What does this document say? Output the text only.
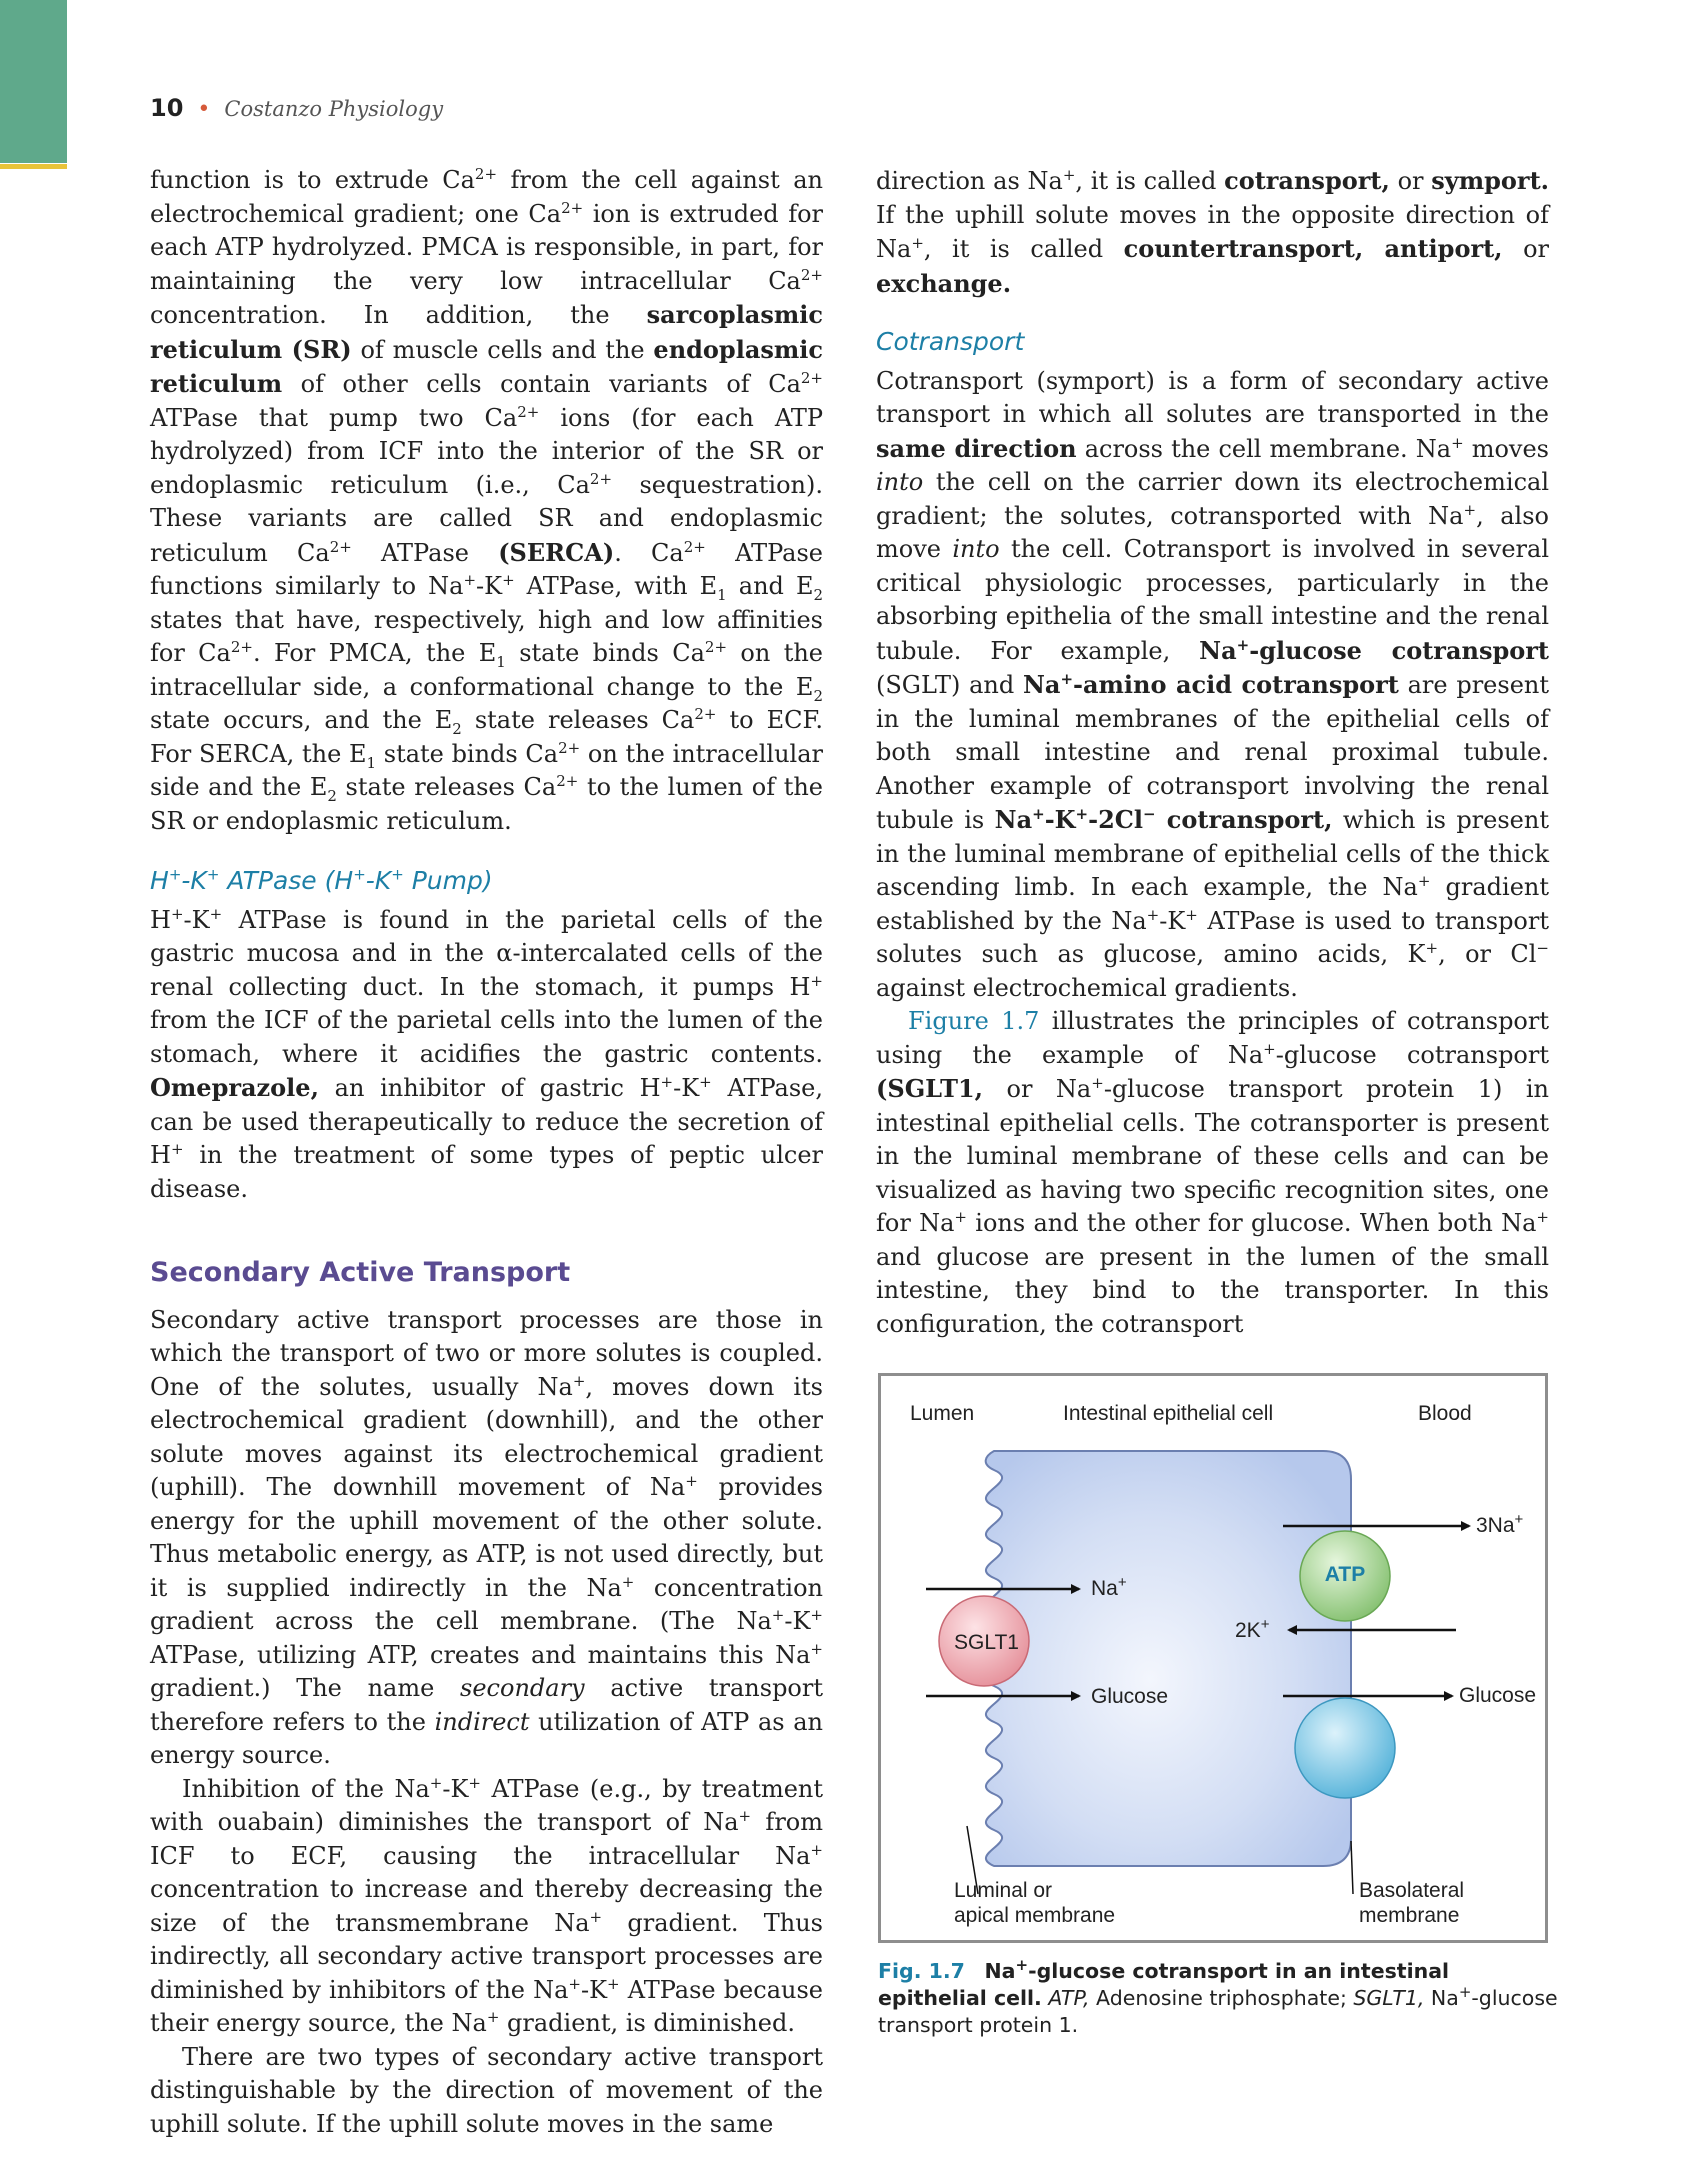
10 • Costanzo Physiology

function is to extrude $Ca^{2+}$ from the cell against an electrochemical gradient; one $Ca^{2+}$ ion is extruded for each ATP hydrolyzed. PMCA is responsible, in part, for maintaining the very low intracellular $Ca^{2+}$ concentration. In addition, the sarcoplasmic reticulum (SR) of muscle cells and the endoplasmic reticulum of other cells contain variants of $Ca^{2+}$ ATPase that pump two $Ca^{2+}$ ions (for each ATP hydrolyzed) from ICF into the interior of the SR or endoplasmic reticulum (i.e., $Ca^{2+}$ sequestration). These variants are called SR and endoplasmic reticulum $Ca^{2+}$ ATPase (SERCA). $Ca^{2+}$ ATPase functions similarly to Na+-K+ ATPase, with $E_1$ and $E_2$ states that have, respectively, high and low affinities for $Ca^{2+}$. For PMCA, the $E_1$ state binds $Ca^{2+}$ on the intracellular side, a conformational change to the $E_2$ state occurs, and the $E_2$ state releases $Ca^{2+}$ to ECF. For SERCA, the $E_1$ state binds $Ca^{2+}$ on the intracellular side and the $E_2$ state releases $Ca^{2+}$ to the lumen of the SR or endoplasmic reticulum.

H+-K+ ATPase (H+-K+ Pump)

H+-K+ ATPase is found in the parietal cells of the gastric mucosa and in the α-intercalated cells of the renal collecting duct. In the stomach, it pumps H+ from the ICF of the parietal cells into the lumen of the stomach, where it acidifies the gastric contents. Omeprazole, an inhibitor of gastric H+-K+ ATPase, can be used therapeutically to reduce the secretion of H+ in the treatment of some types of peptic ulcer disease.

Secondary Active Transport

Secondary active transport processes are those in which the transport of two or more solutes is coupled. One of the solutes, usually Na+, moves down its electrochemical gradient (downhill), and the other solute moves against its electrochemical gradient (uphill). The downhill movement of Na+ provides energy for the uphill movement of the other solute. Thus metabolic energy, as ATP, is not used directly, but it is supplied indirectly in the Na+ concentration gradient across the cell membrane. (The Na+-K+ ATPase, utilizing ATP, creates and maintains this Na+ gradient.) The name secondary active transport therefore refers to the indirect utilization of ATP as an energy source.

Inhibition of the Na+-K+ ATPase (e.g., by treatment with ouabain) diminishes the transport of Na+ from ICF to ECF, causing the intracellular Na+ concentration to increase and thereby decreasing the size of the transmembrane Na+ gradient. Thus indirectly, all secondary active transport processes are diminished by inhibitors of the Na+-K+ ATPase because their energy source, the Na+ gradient, is diminished.

There are two types of secondary active transport distinguishable by the direction of movement of the uphill solute. If the uphill solute moves in the same

direction as Na+, it is called cotransport, or symport. If the uphill solute moves in the opposite direction of Na+, it is called countertransport, antiport, or exchange.

Cotransport

Cotransport (symport) is a form of secondary active transport in which all solutes are transported in the same direction across the cell membrane. Na+ moves into the cell on the carrier down its electrochemical gradient; the solutes, cotransported with Na+, also move into the cell. Cotransport is involved in several critical physiologic processes, particularly in the absorbing epithelia of the small intestine and the renal tubule. For example, Na+-glucose cotransport (SGLT) and Na+-amino acid cotransport are present in the luminal membranes of the epithelial cells of both small intestine and renal proximal tubule. Another example of cotransport involving the renal tubule is Na+-K+-2Cl− cotransport, which is present in the luminal membrane of epithelial cells of the thick ascending limb. In each example, the Na+ gradient established by the Na+-K+ ATPase is used to transport solutes such as glucose, amino acids, K+, or Cl− against electrochemical gradients.

Figure 1.7 illustrates the principles of cotransport using the example of Na+-glucose cotransport (SGLT1, or Na+-glucose transport protein 1) in intestinal epithelial cells. The cotransporter is present in the luminal membrane of these cells and can be visualized as having two specific recognition sites, one for Na+ ions and the other for glucose. When both Na+ and glucose are present in the lumen of the small intestine, they bind to the transporter. In this configuration, the cotransport

Lumen	Intestinal epithelial cell	Blood
SGLT1
ATP
Na+
Glucose
3Na+
2K+
Glucose
Luminal or
apical membrane
Basolateral
membrane
Fig. 1.7 Na+-glucose cotransport in an intestinal epithelial cell. ATP, Adenosine triphosphate; SGLT1, Na+-glucose transport protein 1.
